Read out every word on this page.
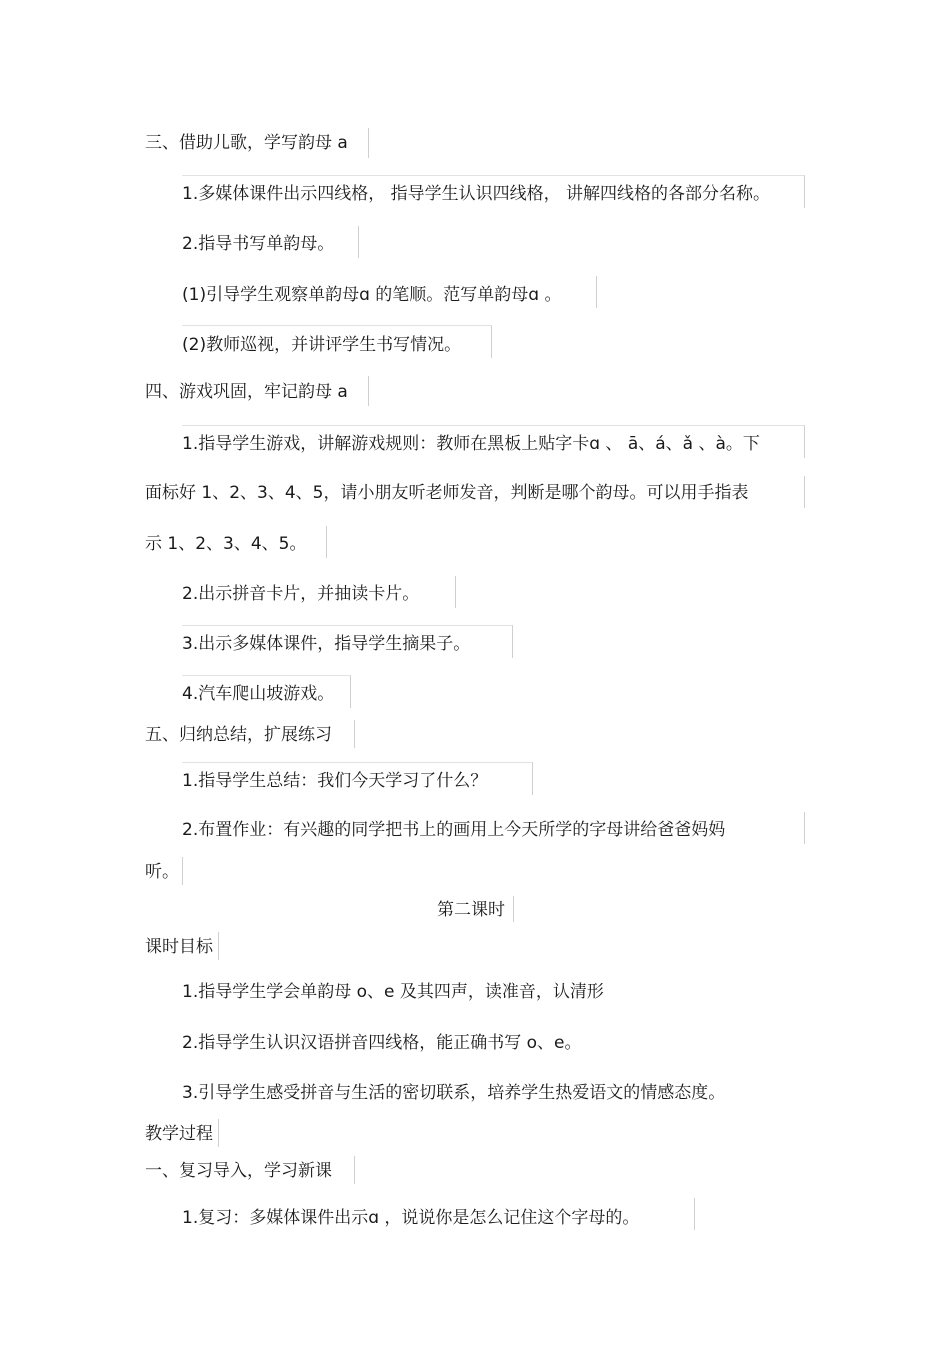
三、借助儿歌，学写韵母 a
1.多媒体课件出示四线格， 指导学生认识四线格， 讲解四线格的各部分名称。
2.指导书写单韵母。
(1)引导学生观察单韵母ɑ 的笔顺。范写单韵母ɑ 。
(2)教师巡视，并讲评学生书写情况。
四、游戏巩固，牢记韵母 a
1.指导学生游戏，讲解游戏规则：教师在黑板上贴字卡ɑ 、 ā、á、ǎ 、à。下
面标好 1、2、3、4、5，请小朋友听老师发音，判断是哪个韵母。可以用手指表
示 1、2、3、4、5。
2.出示拼音卡片，并抽读卡片。
3.出示多媒体课件，指导学生摘果子。
4.汽车爬山坡游戏。
五、归纳总结，扩展练习
1.指导学生总结：我们今天学习了什么？
2.布置作业：有兴趣的同学把书上的画用上今天所学的字母讲给爸爸妈妈
听。
第二课时
课时目标
1.指导学生学会单韵母 o、e 及其四声，读准音，认清形
2.指导学生认识汉语拼音四线格，能正确书写 o、e。
3.引导学生感受拼音与生活的密切联系，培养学生热爱语文的情感态度。
教学过程
一、复习导入，学习新课
1.复习：多媒体课件出示ɑ ，说说你是怎么记住这个字母的。
